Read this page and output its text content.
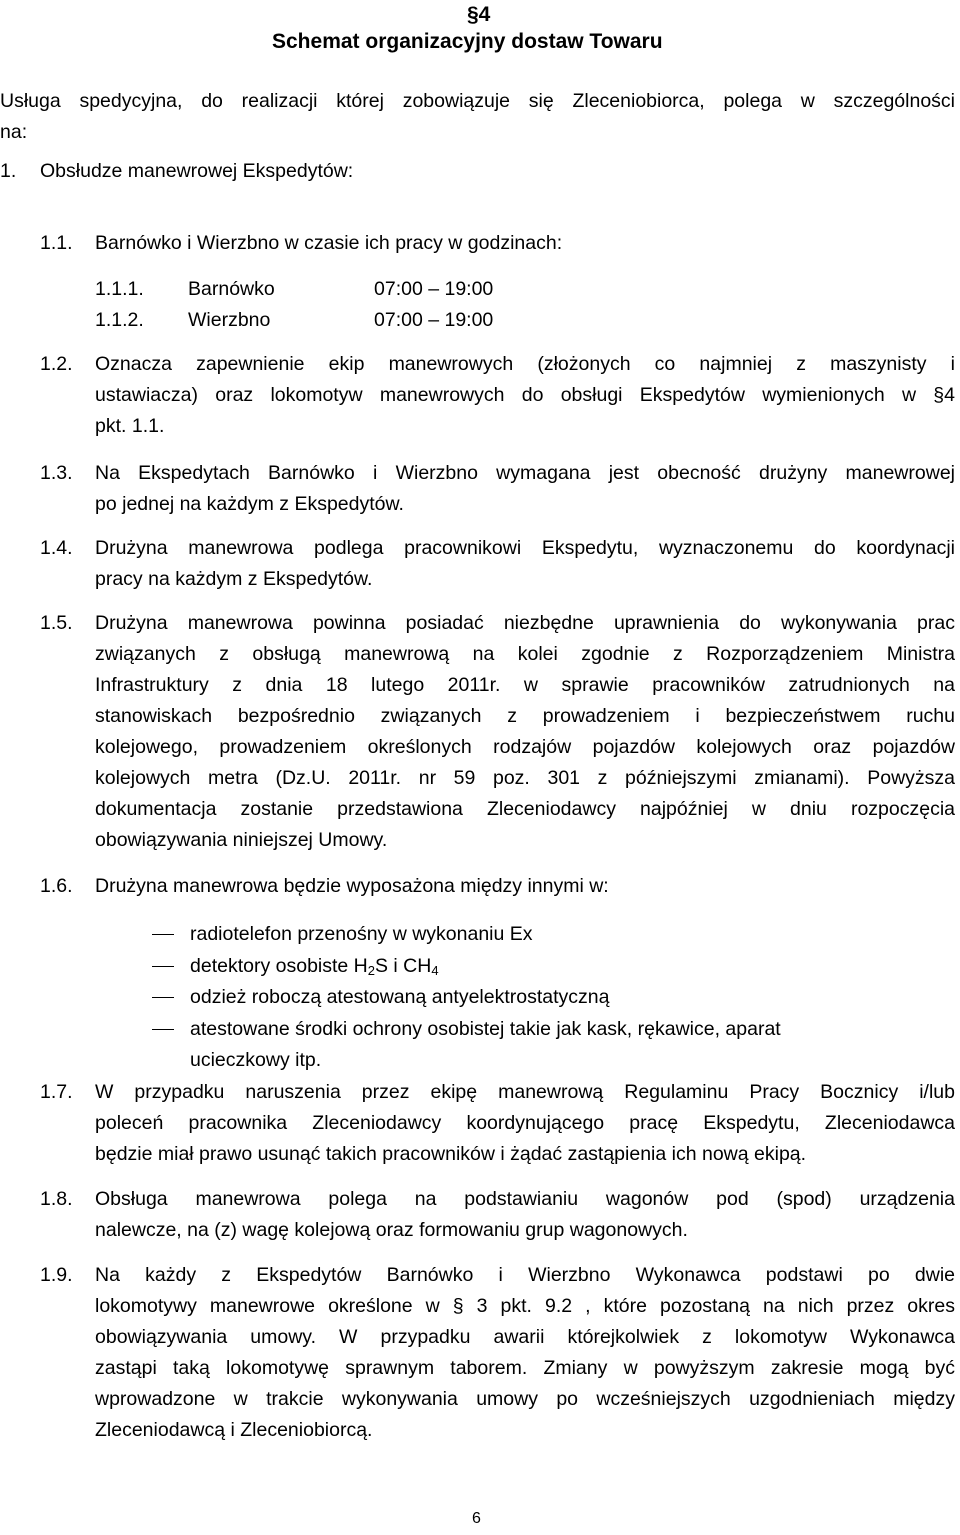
§4
Schemat organizacyjny dostaw Towaru
Usługa spedycyjna, do realizacji której zobowiązuje się Zleceniobiorca, polega w szczególności
na:
1. Obsłudze manewrowej Ekspedytów:
1.1. Barnówko i Wierzbno w czasie ich pracy w godzinach:
1.1.1. Barnówko	07:00 – 19:00
1.1.2. Wierzbno	07:00 – 19:00
1.2. Oznacza zapewnienie ekip manewrowych (złożonych co najmniej z maszynisty i
ustawiacza) oraz lokomotyw manewrowych do obsługi Ekspedytów wymienionych w §4
pkt. 1.1.
1.3. Na Ekspedytach Barnówko i Wierzbno wymagana jest obecność drużyny manewrowej
po jednej na każdym z Ekspedytów.
1.4. Drużyna manewrowa podlega pracownikowi Ekspedytu, wyznaczonemu do koordynacji
pracy na każdym z Ekspedytów.
1.5. Drużyna manewrowa powinna posiadać niezbędne uprawnienia do wykonywania prac
związanych z obsługą manewrową na kolei zgodnie z Rozporządzeniem Ministra
Infrastruktury z dnia 18 lutego 2011r. w sprawie pracowników zatrudnionych na
stanowiskach bezpośrednio związanych z prowadzeniem i bezpieczeństwem ruchu
kolejowego, prowadzeniem określonych rodzajów pojazdów kolejowych oraz pojazdów
kolejowych metra (Dz.U. 2011r. nr 59 poz. 301 z późniejszymi zmianami). Powyższa
dokumentacja zostanie przedstawiona Zleceniodawcy najpóźniej w dniu rozpoczęcia
obowiązywania niniejszej Umowy.
1.6. Drużyna manewrowa będzie wyposażona między innymi w:
radiotelefon przenośny w wykonaniu Ex
detektory osobiste $H_2S$ i $CH_4$
odzież roboczą atestowaną antyelektrostatyczną
atestowane środki ochrony osobistej takie jak kask, rękawice, aparat
ucieczkowy itp.
1.7. W przypadku naruszenia przez ekipę manewrową Regulaminu Pracy Bocznicy i/lub
poleceń pracownika Zleceniodawcy koordynującego pracę Ekspedytu, Zleceniodawca
będzie miał prawo usunąć takich pracowników i żądać zastąpienia ich nową ekipą.
1.8. Obsługa manewrowa polega na podstawianiu wagonów pod (spod) urządzenia
nalewcze, na (z) wagę kolejową oraz formowaniu grup wagonowych.
1.9. Na każdy z Ekspedytów Barnówko i Wierzbno Wykonawca podstawi po dwie
lokomotywy manewrowe określone w § 3 pkt. 9.2 , które pozostaną na nich przez okres
obowiązywania umowy. W przypadku awarii którejkolwiek z lokomotyw Wykonawca
zastąpi taką lokomotywę sprawnym taborem. Zmiany w powyższym zakresie mogą być
wprowadzone w trakcie wykonywania umowy po wcześniejszych uzgodnieniach między
Zleceniodawcą i Zleceniobiorcą.
6
